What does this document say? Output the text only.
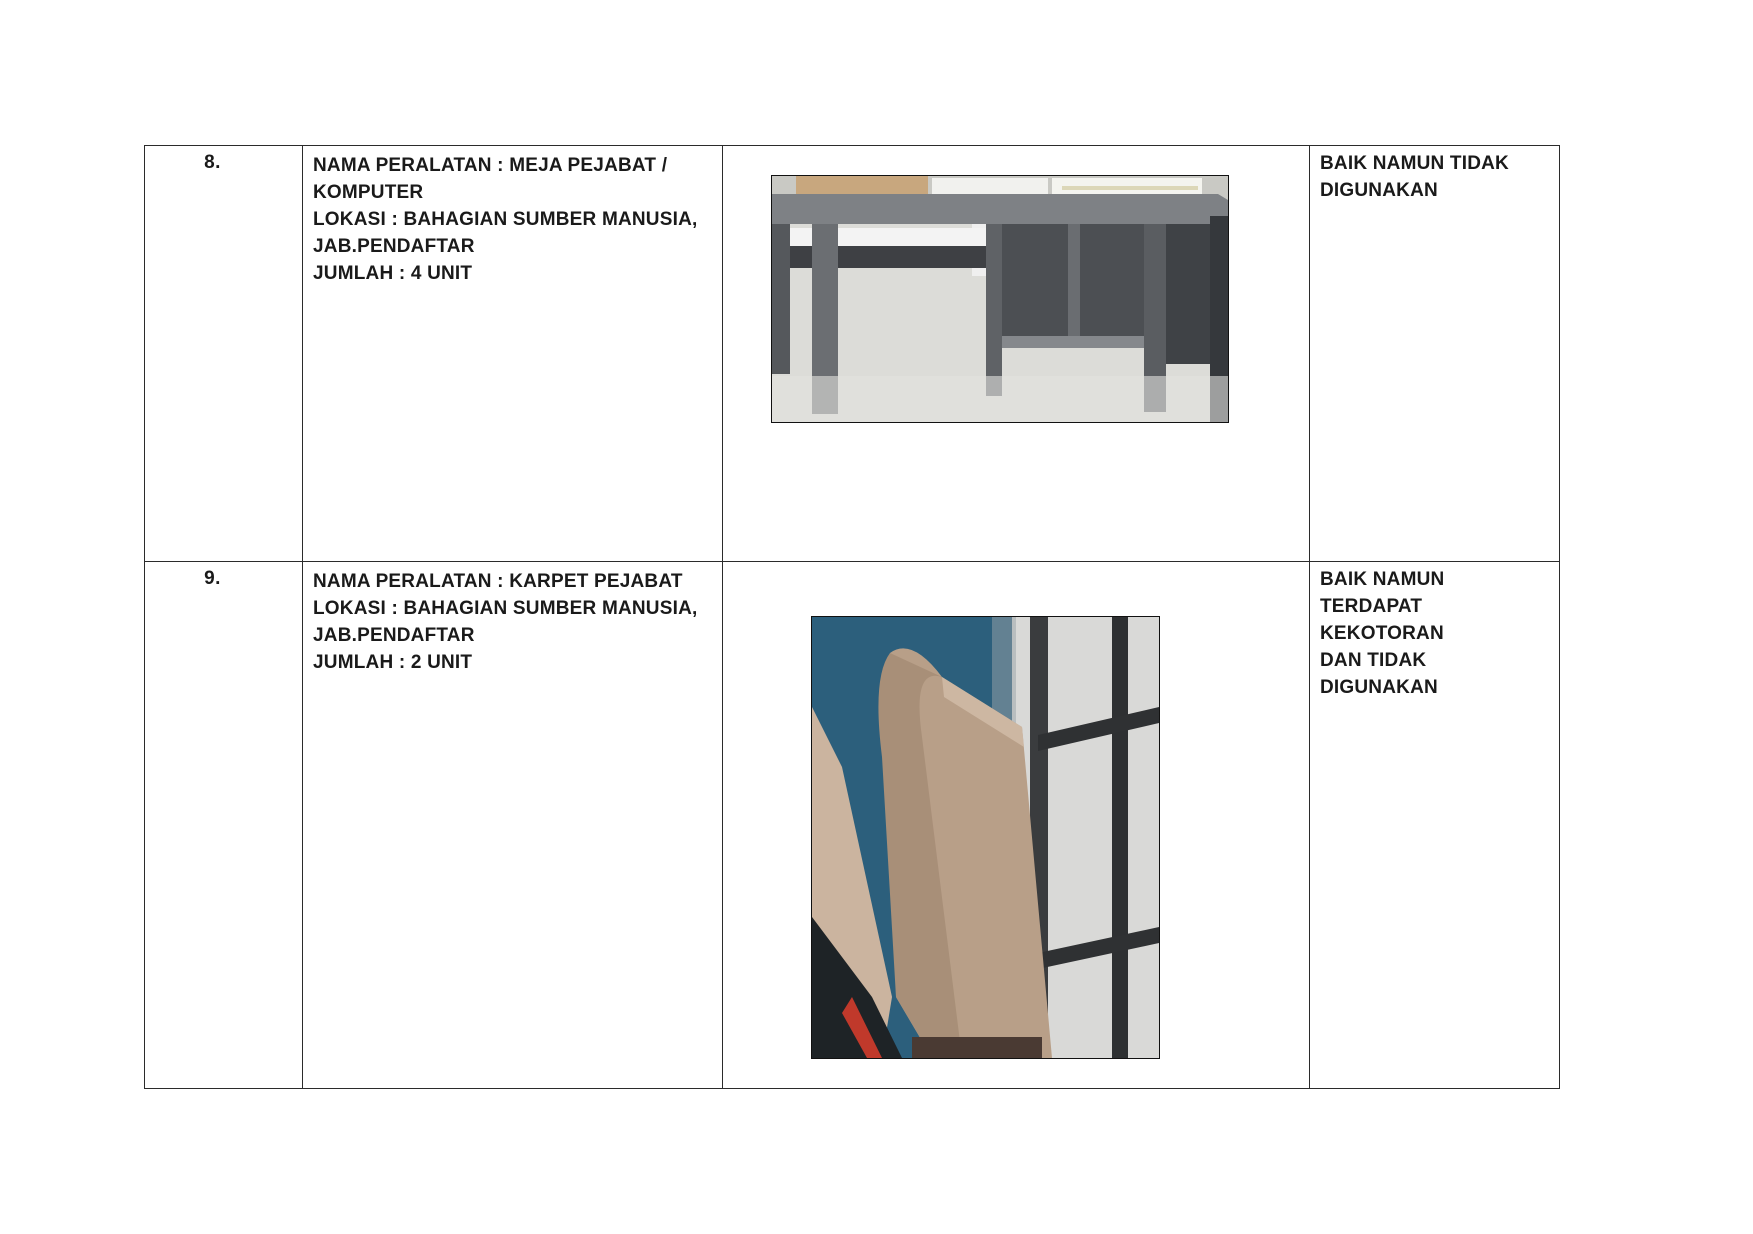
8.	NAMA PERALATAN : MEJA PEJABAT /
KOMPUTER
LOKASI : BAHAGIAN SUMBER MANUSIA,
JAB.PENDAFTAR
JUMLAH : 4 UNIT		BAIK NAMUN TIDAK
DIGUNAKAN

9.	NAMA PERALATAN : KARPET PEJABAT
LOKASI : BAHAGIAN SUMBER MANUSIA,
JAB.PENDAFTAR
JUMLAH : 2 UNIT		BAIK NAMUN
TERDAPAT KEKOTORAN
DAN TIDAK
DIGUNAKAN
